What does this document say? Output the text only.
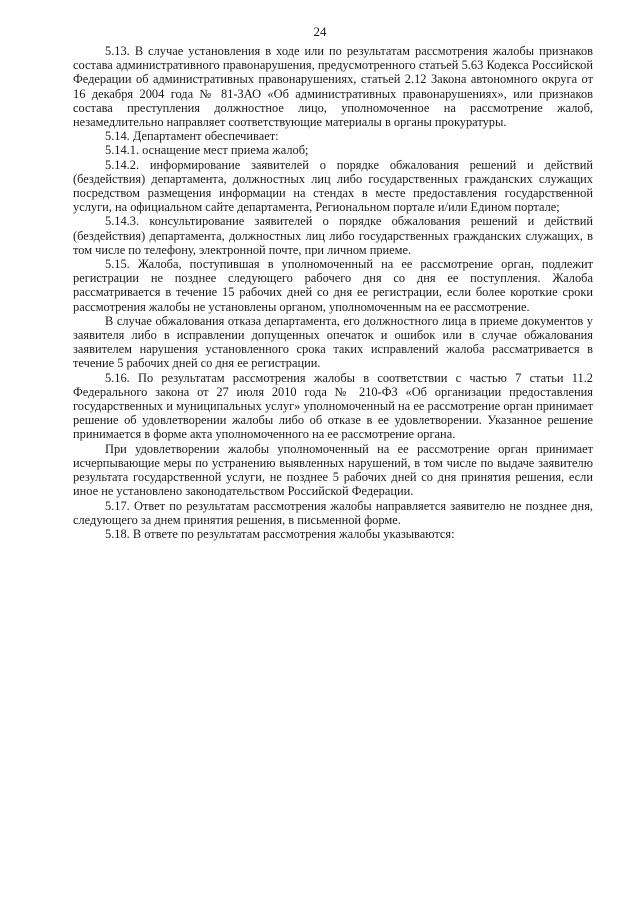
24

5.13. В случае установления в ходе или по результатам рассмотрения жалобы признаков состава административного правонарушения, предусмотренного статьей 5.63 Кодекса Российской Федерации об административных правонарушениях, статьей 2.12 Закона автономного округа от 16 декабря 2004 года № 81-ЗАО «Об административных правонарушениях», или признаков состава преступления должностное лицо, уполномоченное на рассмотрение жалоб, незамедлительно направляет соответствующие материалы в органы прокуратуры.

5.14. Департамент обеспечивает:

5.14.1. оснащение мест приема жалоб;

5.14.2. информирование заявителей о порядке обжалования решений и действий (бездействия) департамента, должностных лиц либо государственных гражданских служащих посредством размещения информации на стендах в месте предоставления государственной услуги, на официальном сайте департамента, Региональном портале и/или Едином портале;

5.14.3. консультирование заявителей о порядке обжалования решений и действий (бездействия) департамента, должностных лиц либо государственных гражданских служащих, в том числе по телефону, электронной почте, при личном приеме.

5.15. Жалоба, поступившая в уполномоченный на ее рассмотрение орган, подлежит регистрации не позднее следующего рабочего дня со дня ее поступления. Жалоба рассматривается в течение 15 рабочих дней со дня ее регистрации, если более короткие сроки рассмотрения жалобы не установлены органом, уполномоченным на ее рассмотрение.

В случае обжалования отказа департамента, его должностного лица в приеме документов у заявителя либо в исправлении допущенных опечаток и ошибок или в случае обжалования заявителем нарушения установленного срока таких исправлений жалоба рассматривается в течение 5 рабочих дней со дня ее регистрации.

5.16. По результатам рассмотрения жалобы в соответствии с частью 7 статьи 11.2 Федерального закона от 27 июля 2010 года № 210-ФЗ «Об организации предоставления государственных и муниципальных услуг» уполномоченный на ее рассмотрение орган принимает решение об удовлетворении жалобы либо об отказе в ее удовлетворении. Указанное решение принимается в форме акта уполномоченного на ее рассмотрение органа.

При удовлетворении жалобы уполномоченный на ее рассмотрение орган принимает исчерпывающие меры по устранению выявленных нарушений, в том числе по выдаче заявителю результата государственной услуги, не позднее 5 рабочих дней со дня принятия решения, если иное не установлено законодательством Российской Федерации.

5.17. Ответ по результатам рассмотрения жалобы направляется заявителю не позднее дня, следующего за днем принятия решения, в письменной форме.

5.18. В ответе по результатам рассмотрения жалобы указываются:
